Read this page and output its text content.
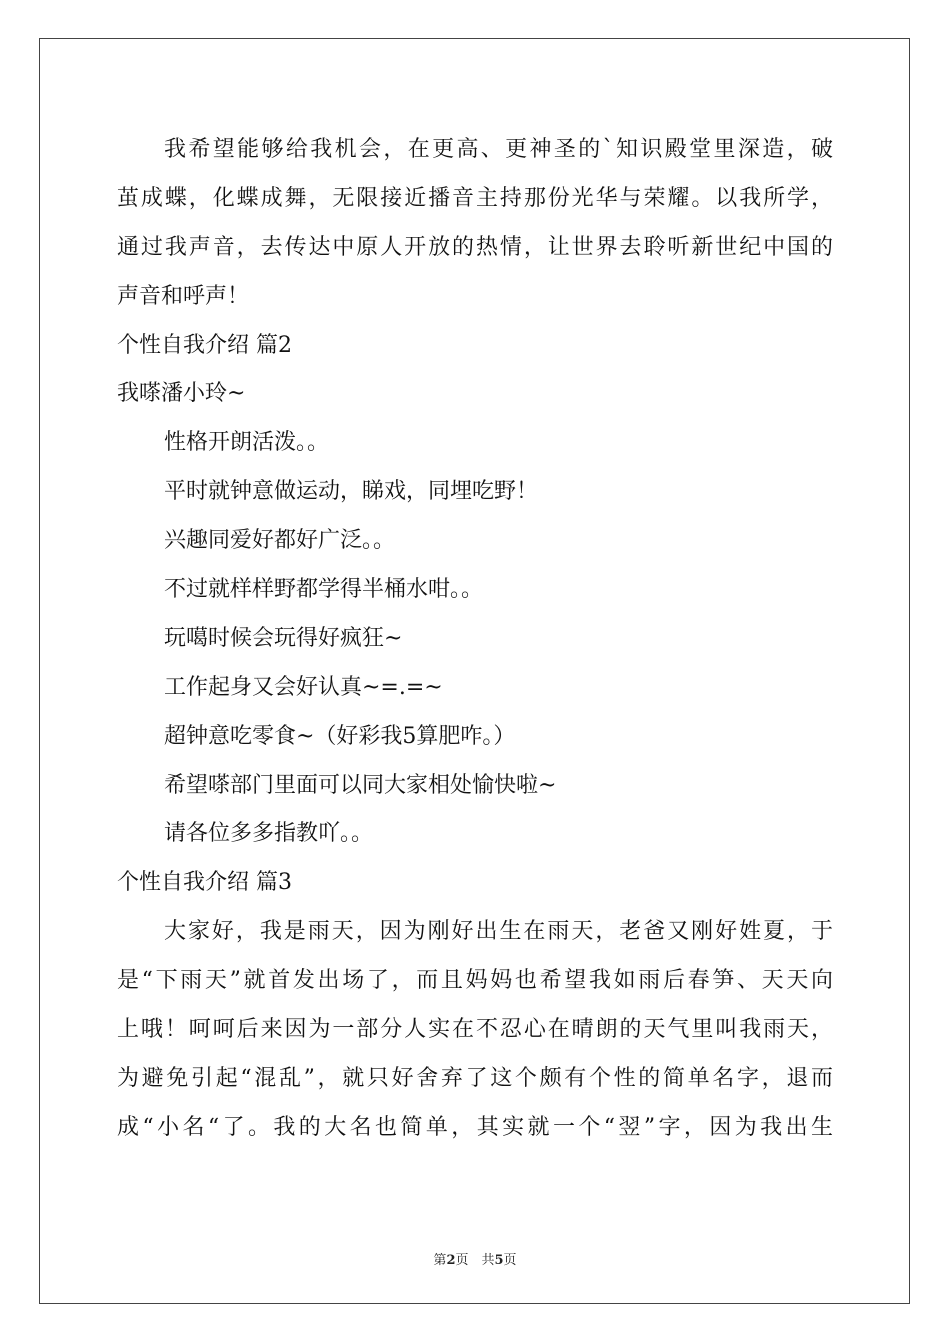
我希望能够给我机会，在更高、更神圣的`知识殿堂里深造，破
茧成蝶，化蝶成舞，无限接近播音主持那份光华与荣耀。以我所学，
通过我声音，去传达中原人开放的热情，让世界去聆听新世纪中国的
声音和呼声！
个性自我介绍 篇2
我嗏潘小玲~
性格开朗活泼。。
平时就钟意做运动，睇戏，同埋吃野！
兴趣同爱好都好广泛。。
不过就样样野都学得半桶水咁。。
玩噶时候会玩得好疯狂~
工作起身又会好认真~=.=~
超钟意吃零食~（好彩我5算肥咋。）
希望嗏部门里面可以同大家相处愉快啦~
请各位多多指教吖。。
个性自我介绍 篇3
大家好，我是雨天，因为刚好出生在雨天，老爸又刚好姓夏，于
是“下雨天”就首发出场了，而且妈妈也希望我如雨后春笋、天天向
上哦！呵呵后来因为一部分人实在不忍心在晴朗的天气里叫我雨天，
为避免引起“混乱”，就只好舍弃了这个颇有个性的简单名字，退而
成“小名“了。我的大名也简单，其实就一个“翌”字，因为我出生
第2页　共5页
